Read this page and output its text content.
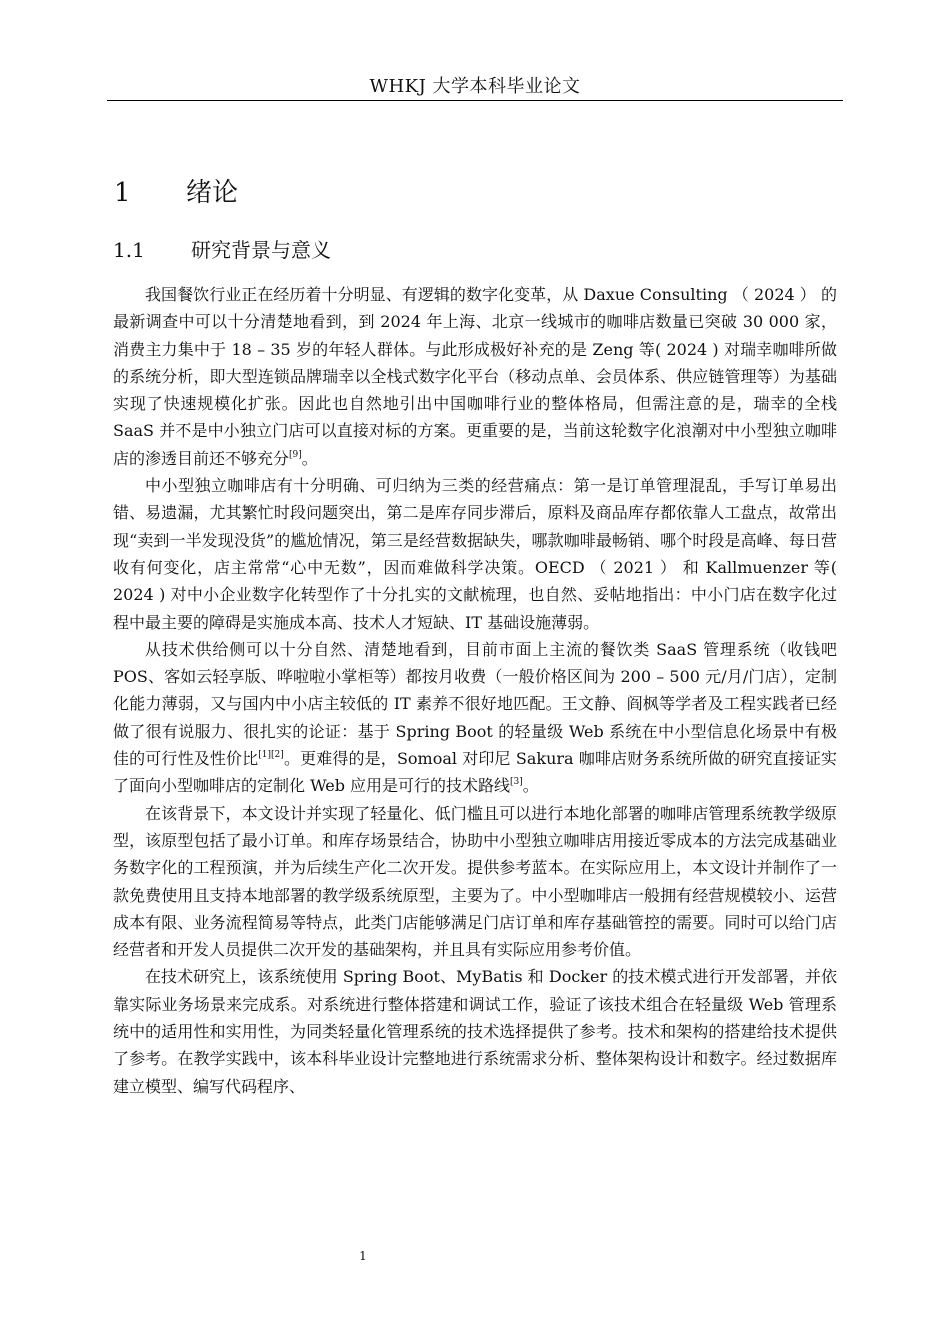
WHKJ 大学本科毕业论文
1 绪论
1.1 研究背景与意义

我国餐饮行业正在经历着十分明显、有逻辑的数字化变革，从 Daxue Consulting （ 2024 ） 的最新调查中可以十分清楚地看到，到 2024 年上海、北京一线城市的咖啡店数量已突破 30 000 家，消费主力集中于 18 – 35 岁的年轻人群体。与此形成极好补充的是 Zeng 等( 2024 ) 对瑞幸咖啡所做的系统分析，即大型连锁品牌瑞幸以全栈式数字化平台（移动点单、会员体系、供应链管理等）为基础实现了快速规模化扩张。因此也自然地引出中国咖啡行业的整体格局，但需注意的是，瑞幸的全栈 SaaS 并不是中小独立门店可以直接对标的方案。更重要的是，当前这轮数字化浪潮对中小型独立咖啡店的渗透目前还不够充分[9]。

中小型独立咖啡店有十分明确、可归纳为三类的经营痛点：第一是订单管理混乱，手写订单易出错、易遗漏，尤其繁忙时段问题突出，第二是库存同步滞后，原料及商品库存都依靠人工盘点，故常出现“卖到一半发现没货”的尴尬情况，第三是经营数据缺失，哪款咖啡最畅销、哪个时段是高峰、每日营收有何变化，店主常常“心中无数”，因而难做科学决策。OECD （ 2021 ） 和 Kallmuenzer 等( 2024 ) 对中小企业数字化转型作了十分扎实的文献梳理，也自然、妥帖地指出：中小门店在数字化过程中最主要的障碍是实施成本高、技术人才短缺、IT 基础设施薄弱。

从技术供给侧可以十分自然、清楚地看到，目前市面上主流的餐饮类 SaaS 管理系统（收钱吧 POS、客如云轻享版、哗啦啦小掌柜等）都按月收费（一般价格区间为 200 – 500 元/月/门店），定制化能力薄弱，又与国内中小店主较低的 IT 素养不很好地匹配。王文静、阎枫等学者及工程实践者已经做了很有说服力、很扎实的论证：基于 Spring Boot 的轻量级 Web 系统在中小型信息化场景中有极佳的可行性及性价比[1][2]。更难得的是，Somoal 对印尼 Sakura 咖啡店财务系统所做的研究直接证实了面向小型咖啡店的定制化 Web 应用是可行的技术路线[3]。

在该背景下，本文设计并实现了轻量化、低门槛且可以进行本地化部署的咖啡店管理系统教学级原型，该原型包括了最小订单。和库存场景结合，协助中小型独立咖啡店用接近零成本的方法完成基础业务数字化的工程预演，并为后续生产化二次开发。提供参考蓝本。在实际应用上，本文设计并制作了一款免费使用且支持本地部署的教学级系统原型，主要为了。中小型咖啡店一般拥有经营规模较小、运营成本有限、业务流程简易等特点，此类门店能够满足门店订单和库存基础管控的需要。同时可以给门店经营者和开发人员提供二次开发的基础架构，并且具有实际应用参考价值。

在技术研究上，该系统使用 Spring Boot、MyBatis 和 Docker 的技术模式进行开发部署，并依靠实际业务场景来完成系。对系统进行整体搭建和调试工作，验证了该技术组合在轻量级 Web 管理系统中的适用性和实用性，为同类轻量化管理系统的技术选择提供了参考。技术和架构的搭建给技术提供了参考。在教学实践中，该本科毕业设计完整地进行系统需求分析、整体架构设计和数字。经过数据库建立模型、编写代码程序、

1
